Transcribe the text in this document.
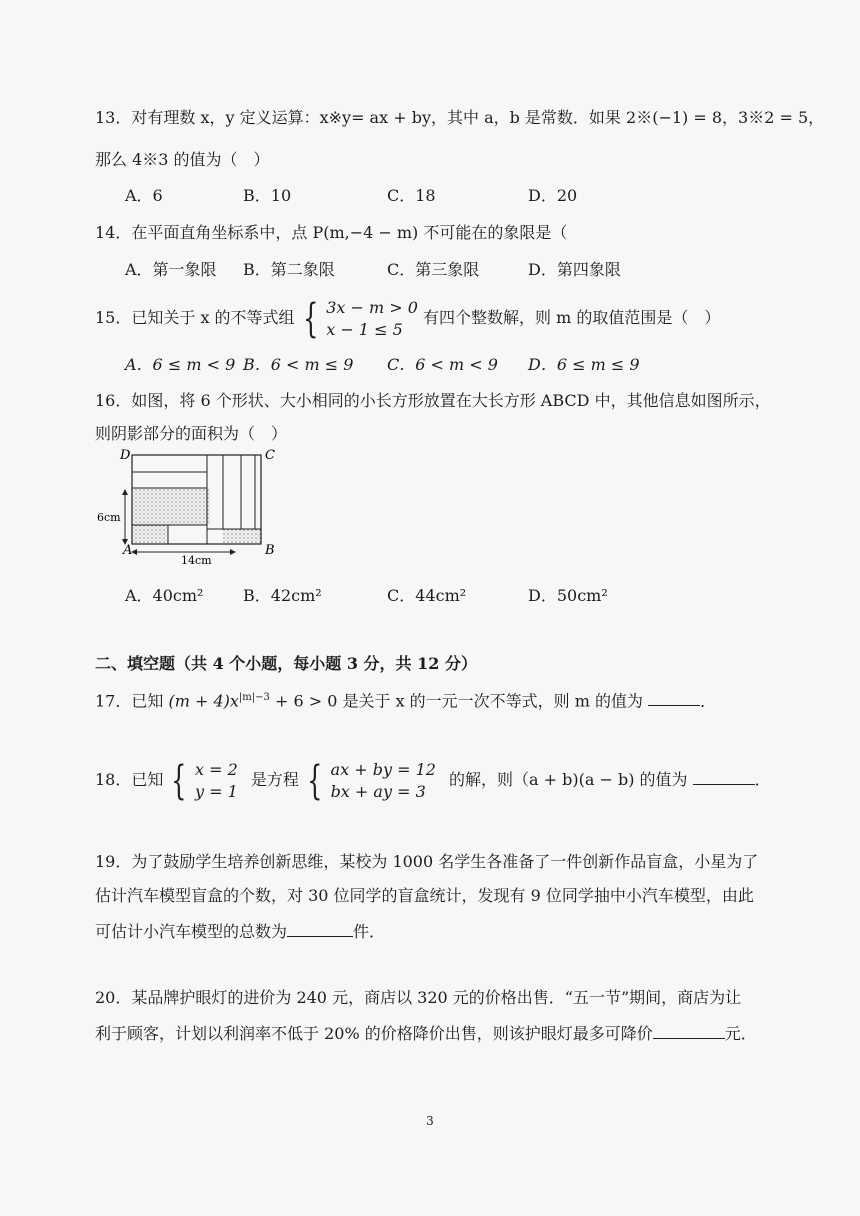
13．对有理数 x，y 定义运算：x※y= ax + by，其中 a，b 是常数．如果 2※(−1) = 8，3※2 = 5，
那么 4※3 的值为（　）
A．6	B．10	C．18	D．20
14．在平面直角坐标系中，点 P(m,−4 − m) 不可能在的象限是（
A．第一象限 B．第二象限	C．第三象限	D．第四象限
15．已知关于 x 的不等式组 { 3x − m > 0
x − 1 ≤ 5
有四个整数解，则 m 的取值范围是（　）
A．6 ≤ m < 9 B．6 < m ≤ 9 C．6 < m < 9 D．6 ≤ m ≤ 9
16．如图，将 6 个形状、大小相同的小长方形放置在大长方形 ABCD 中，其他信息如图所示，
则阴影部分的面积为（　）
6cm
14cm
D	C
A	B
A．40cm² B．42cm²	C．44cm²	D．50cm²
二、填空题（共 4 个小题，每小题 3 分，共 12 分）
17．已知 $(m + 4)x^{|m|-3} + 6 > 0$ 是关于 x 的一元一次不等式，则 m 的值为	．
18．已知 { x = 2
y = 1
是方程 { ax + by = 12
bx + ay = 3
的解，则（a + b)(a − b) 的值为	．
19．为了鼓励学生培养创新思维，某校为 1000 名学生各准备了一件创新作品盲盒，小星为了
估计汽车模型盲盒的个数，对 30 位同学的盲盒统计，发现有 9 位同学抽中小汽车模型，由此
可估计小汽车模型的总数为	件．
20．某品牌护眼灯的进价为 240 元，商店以 320 元的价格出售．“五一节”期间，商店为让
利于顾客，计划以利润率不低于 20% 的价格降价出售，则该护眼灯最多可降价	元．
3
